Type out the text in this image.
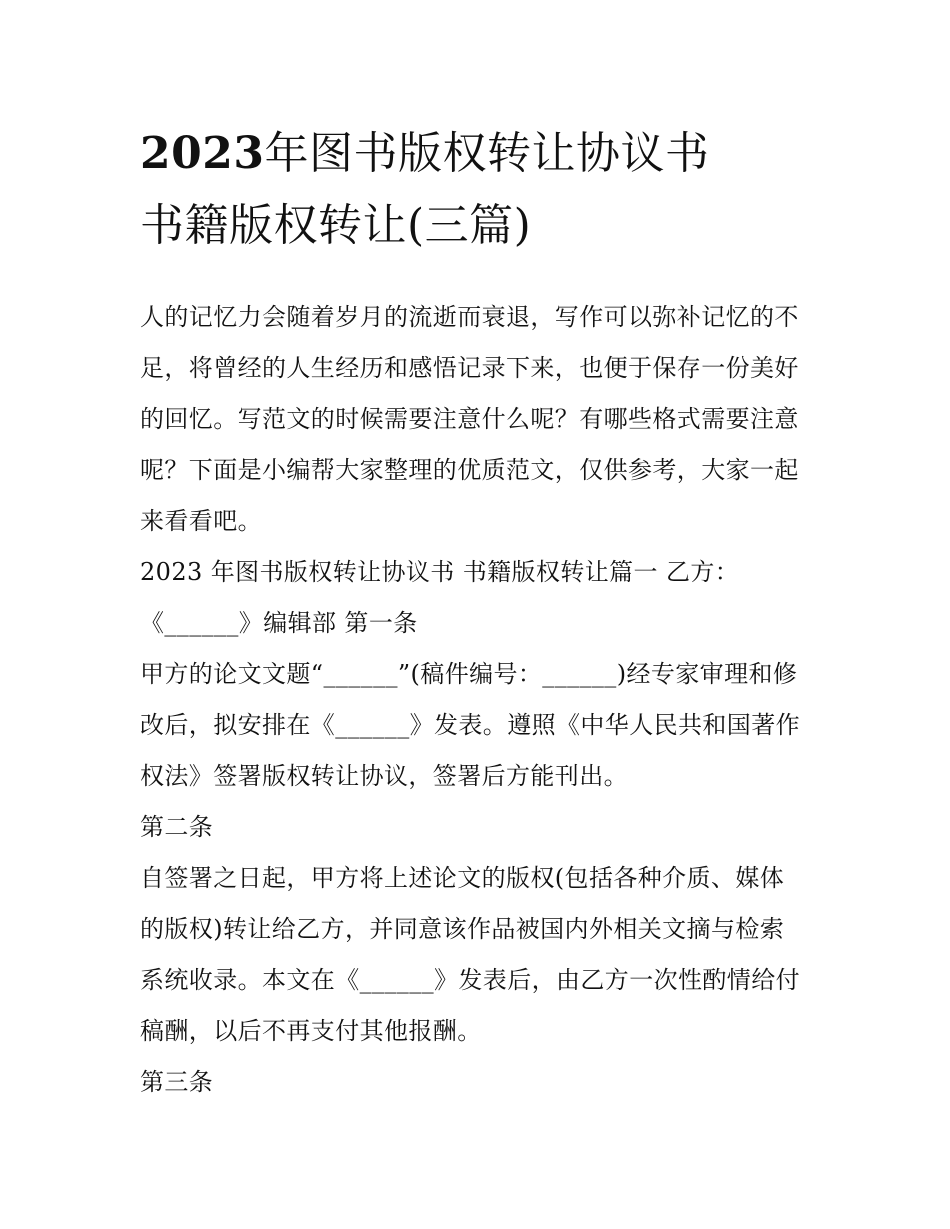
2023年图书版权转让协议书
书籍版权转让(三篇)
人的记忆力会随着岁月的流逝而衰退，写作可以弥补记忆的不
足，将曾经的人生经历和感悟记录下来，也便于保存一份美好
的回忆。写范文的时候需要注意什么呢？有哪些格式需要注意
呢？下面是小编帮大家整理的优质范文，仅供参考，大家一起
来看看吧。
2023 年图书版权转让协议书 书籍版权转让篇一 乙方：
《______》编辑部 第一条
甲方的论文文题“______”(稿件编号：______)经专家审理和修
改后，拟安排在《______》发表。遵照《中华人民共和国著作
权法》签署版权转让协议，签署后方能刊出。
第二条
自签署之日起，甲方将上述论文的版权(包括各种介质、媒体
的版权)转让给乙方，并同意该作品被国内外相关文摘与检索
系统收录。本文在《______》发表后，由乙方一次性酌情给付
稿酬，以后不再支付其他报酬。
第三条
